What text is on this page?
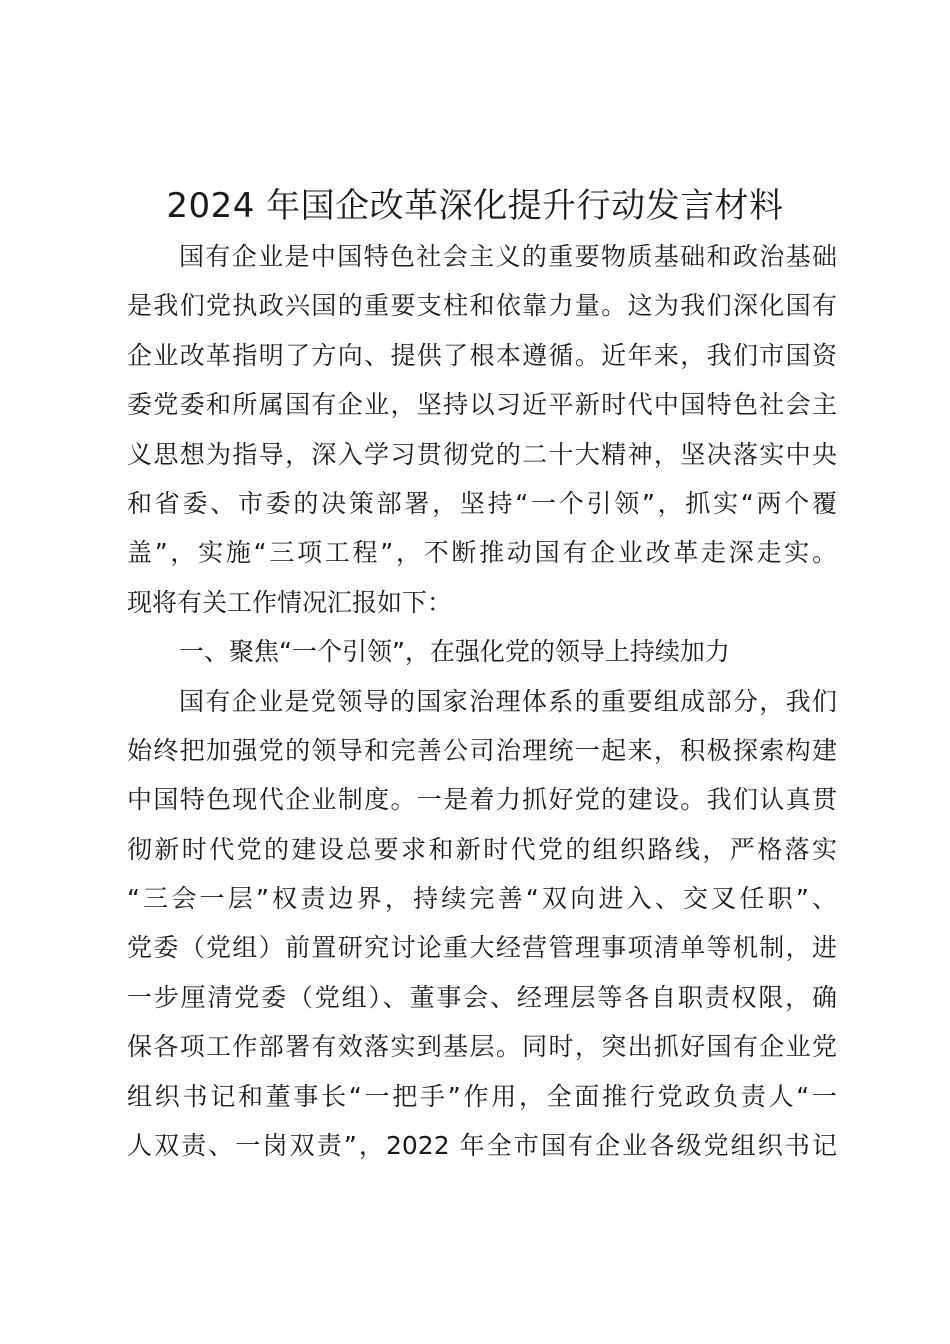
2024 年国企改革深化提升行动发言材料
国有企业是中国特色社会主义的重要物质基础和政治基础
是我们党执政兴国的重要支柱和依靠力量。这为我们深化国有
企业改革指明了方向、提供了根本遵循。近年来，我们市国资
委党委和所属国有企业，坚持以习近平新时代中国特色社会主
义思想为指导，深入学习贯彻党的二十大精神，坚决落实中央
和省委、市委的决策部署，坚持“一个引领”，抓实“两个覆
盖”，实施“三项工程”，不断推动国有企业改革走深走实。
现将有关工作情况汇报如下：
一、聚焦“一个引领”，在强化党的领导上持续加力
国有企业是党领导的国家治理体系的重要组成部分，我们
始终把加强党的领导和完善公司治理统一起来，积极探索构建
中国特色现代企业制度。一是着力抓好党的建设。我们认真贯
彻新时代党的建设总要求和新时代党的组织路线，严格落实
“三会一层”权责边界，持续完善“双向进入、交叉任职”、
党委（党组）前置研究讨论重大经营管理事项清单等机制，进
一步厘清党委（党组）、董事会、经理层等各自职责权限，确
保各项工作部署有效落实到基层。同时，突出抓好国有企业党
组织书记和董事长“一把手”作用，全面推行党政负责人“一
人双责、一岗双责”，2022 年全市国有企业各级党组织书记
